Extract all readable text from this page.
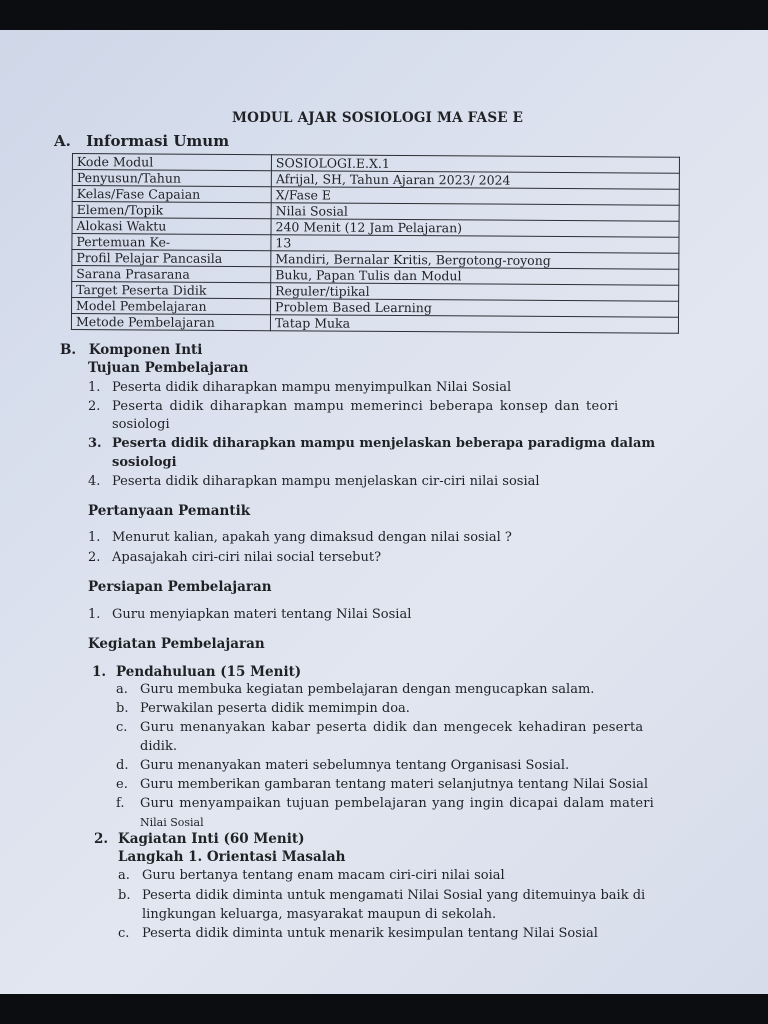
MODUL AJAR SOSIOLOGI MA FASE E
A. Informasi Umum
Kode Modul	SOSIOLOGI.E.X.1
Penyusun/Tahun	Afrijal, SH, Tahun Ajaran 2023/ 2024
Kelas/Fase Capaian	X/Fase E
Elemen/Topik	Nilai Sosial
Alokasi Waktu	240 Menit (12 Jam Pelajaran)
Pertemuan Ke-	13
Profil Pelajar Pancasila	Mandiri, Bernalar Kritis, Bergotong-royong
Sarana Prasarana	Buku, Papan Tulis dan Modul
Target Peserta Didik	Reguler/tipikal
Model Pembelajaran	Problem Based Learning
Metode Pembelajaran	Tatap Muka
B. Komponen Inti
Tujuan Pembelajaran
1. Peserta didik diharapkan mampu menyimpulkan Nilai Sosial
2. Peserta didik diharapkan mampu memerinci beberapa konsep dan teori
sosiologi
3. Peserta didik diharapkan mampu menjelaskan beberapa paradigma dalam
sosiologi
4. Peserta didik diharapkan mampu menjelaskan cir-ciri nilai sosial
Pertanyaan Pemantik
1. Menurut kalian, apakah yang dimaksud dengan nilai sosial ?
2. Apasajakah ciri-ciri nilai social tersebut?
Persiapan Pembelajaran
1. Guru menyiapkan materi tentang Nilai Sosial
Kegiatan Pembelajaran
1. Pendahuluan (15 Menit)
a. Guru membuka kegiatan pembelajaran dengan mengucapkan salam.
b. Perwakilan peserta didik memimpin doa.
c. Guru menanyakan kabar peserta didik dan mengecek kehadiran peserta
didik.
d. Guru menanyakan materi sebelumnya tentang Organisasi Sosial.
e. Guru memberikan gambaran tentang materi selanjutnya tentang Nilai Sosial
f. Guru menyampaikan tujuan pembelajaran yang ingin dicapai dalam materi
Nilai Sosial
2. Kagiatan Inti (60 Menit)
Langkah 1. Orientasi Masalah
a. Guru bertanya tentang enam macam ciri-ciri nilai soial
b. Peserta didik diminta untuk mengamati Nilai Sosial yang ditemuinya baik di
lingkungan keluarga, masyarakat maupun di sekolah.
c. Peserta didik diminta untuk menarik kesimpulan tentang Nilai Sosial
